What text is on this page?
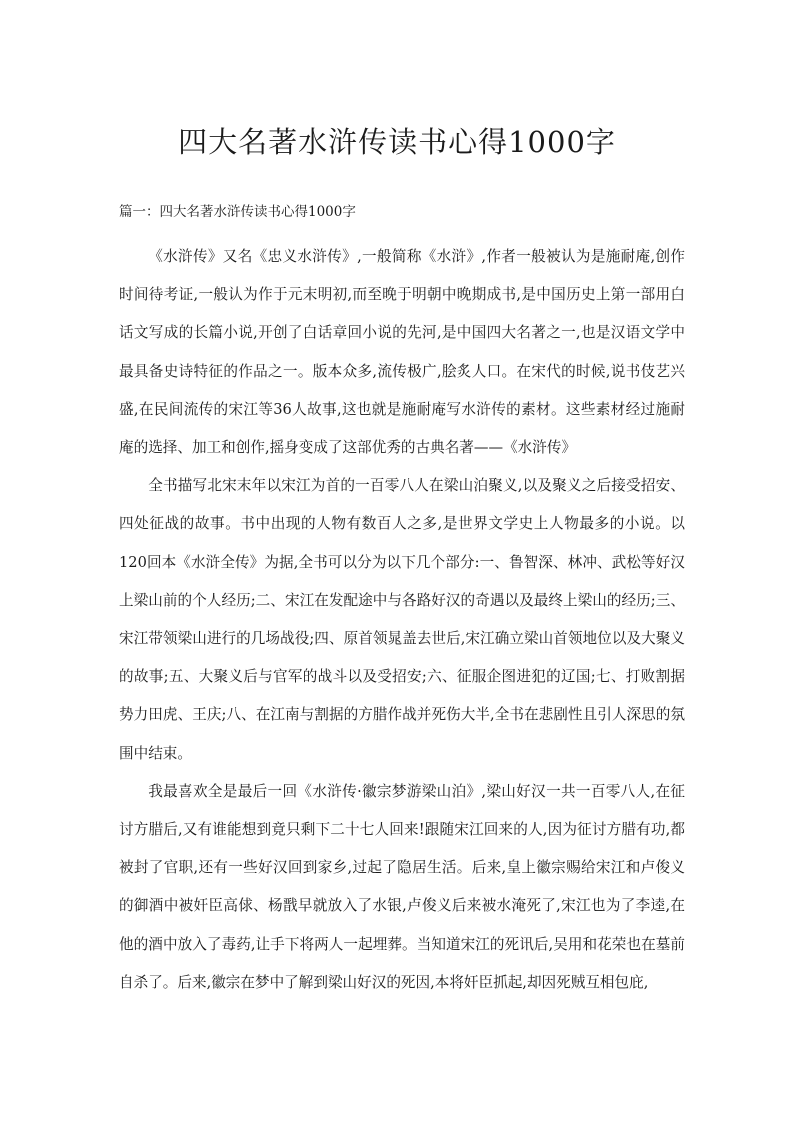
四大名著水浒传读书心得1000字

篇一：四大名著水浒传读书心得1000字

《水浒传》又名《忠义水浒传》,一般简称《水浒》,作者一般被认为是施耐庵,创作时间待考证,一般认为作于元末明初,而至晚于明朝中晚期成书,是中国历史上第一部用白话文写成的长篇小说,开创了白话章回小说的先河,是中国四大名著之一,也是汉语文学中最具备史诗特征的作品之一。版本众多,流传极广,脍炙人口。在宋代的时候,说书伎艺兴盛,在民间流传的宋江等36人故事,这也就是施耐庵写水浒传的素材。这些素材经过施耐庵的选择、加工和创作,摇身变成了这部优秀的古典名著——《水浒传》

全书描写北宋末年以宋江为首的一百零八人在梁山泊聚义,以及聚义之后接受招安、四处征战的故事。书中出现的人物有数百人之多,是世界文学史上人物最多的小说。以120回本《水浒全传》为据,全书可以分为以下几个部分:一、鲁智深、林冲、武松等好汉上梁山前的个人经历;二、宋江在发配途中与各路好汉的奇遇以及最终上梁山的经历;三、宋江带领梁山进行的几场战役;四、原首领晁盖去世后,宋江确立梁山首领地位以及大聚义的故事;五、大聚义后与官军的战斗以及受招安;六、征服企图进犯的辽国;七、打败割据势力田虎、王庆;八、在江南与割据的方腊作战并死伤大半,全书在悲剧性且引人深思的氛围中结束。

我最喜欢全是最后一回《水浒传·徽宗梦游梁山泊》,梁山好汉一共一百零八人,在征讨方腊后,又有谁能想到竟只剩下二十七人回来!跟随宋江回来的人,因为征讨方腊有功,都被封了官职,还有一些好汉回到家乡,过起了隐居生活。后来,皇上徽宗赐给宋江和卢俊义的御酒中被奸臣高俅、杨戬早就放入了水银,卢俊义后来被水淹死了,宋江也为了李逵,在他的酒中放入了毒药,让手下将两人一起埋葬。当知道宋江的死讯后,吴用和花荣也在墓前自杀了。后来,徽宗在梦中了解到梁山好汉的死因,本将奸臣抓起,却因死贼互相包庇,
